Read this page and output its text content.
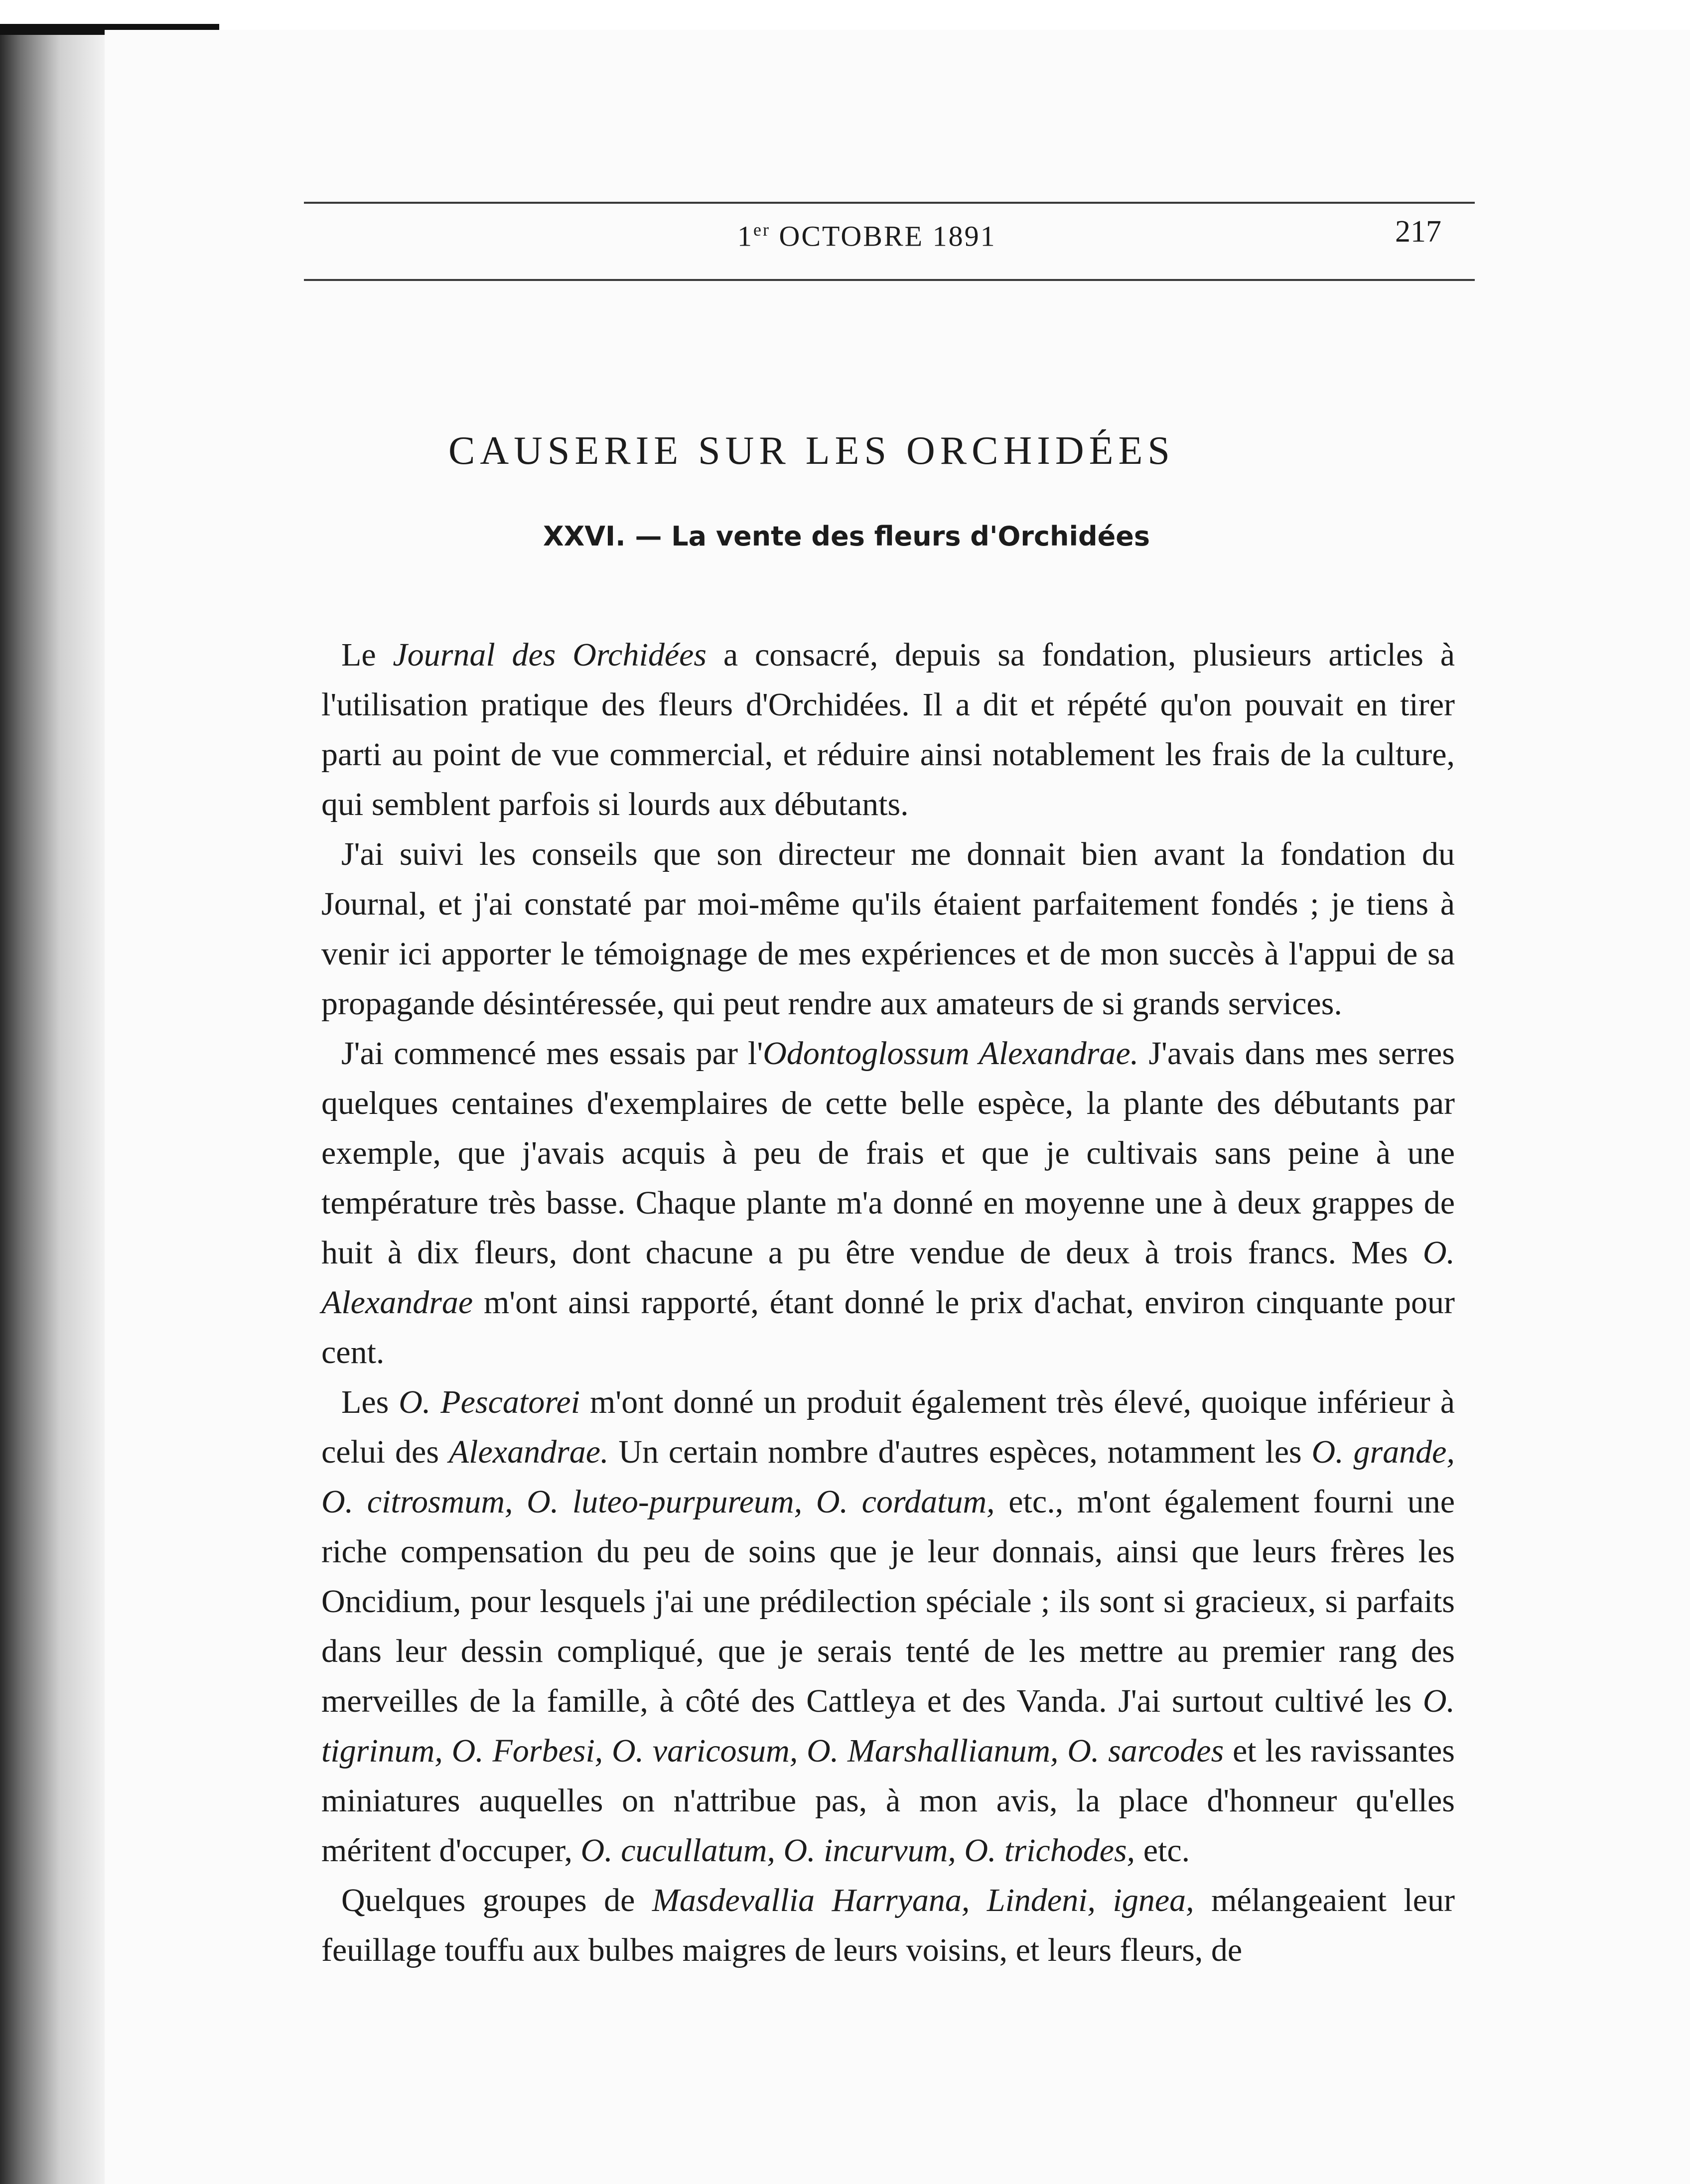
1er OCTOBRE 1891	217
CAUSERIE SUR LES ORCHIDÉES
XXVI. — La vente des fleurs d'Orchidées

Le Journal des Orchidées a consacré, depuis sa fondation, plusieurs articles à l'utilisation pratique des fleurs d'Orchidées. Il a dit et répété qu'on pouvait en tirer parti au point de vue commercial, et réduire ainsi notablement les frais de la culture, qui semblent parfois si lourds aux débutants.

J'ai suivi les conseils que son directeur me donnait bien avant la fondation du Journal, et j'ai constaté par moi-même qu'ils étaient parfaitement fondés ; je tiens à venir ici apporter le témoignage de mes expériences et de mon succès à l'appui de sa propagande désintéressée, qui peut rendre aux amateurs de si grands services.

J'ai commencé mes essais par l'Odontoglossum Alexandrae. J'avais dans mes serres quelques centaines d'exemplaires de cette belle espèce, la plante des débutants par exemple, que j'avais acquis à peu de frais et que je cultivais sans peine à une température très basse. Chaque plante m'a donné en moyenne une à deux grappes de huit à dix fleurs, dont chacune a pu être vendue de deux à trois francs. Mes O. Alexandrae m'ont ainsi rapporté, étant donné le prix d'achat, environ cinquante pour cent.

Les O. Pescatorei m'ont donné un produit également très élevé, quoique inférieur à celui des Alexandrae. Un certain nombre d'autres espèces, notamment les O. grande, O. citrosmum, O. luteo-purpureum, O. cordatum, etc., m'ont également fourni une riche compensation du peu de soins que je leur donnais, ainsi que leurs frères les Oncidium, pour lesquels j'ai une prédilection spéciale ; ils sont si gracieux, si parfaits dans leur dessin compliqué, que je serais tenté de les mettre au premier rang des merveilles de la famille, à côté des Cattleya et des Vanda. J'ai surtout cultivé les O. tigrinum, O. Forbesi, O. varicosum, O. Marshallianum, O. sarcodes et les ravissantes miniatures auquelles on n'attribue pas, à mon avis, la place d'honneur qu'elles méritent d'occuper, O. cucullatum, O. incurvum, O. trichodes, etc.

Quelques groupes de Masdevallia Harryana, Lindeni, ignea, mélangeaient leur feuillage touffu aux bulbes maigres de leurs voisins, et leurs fleurs, de
